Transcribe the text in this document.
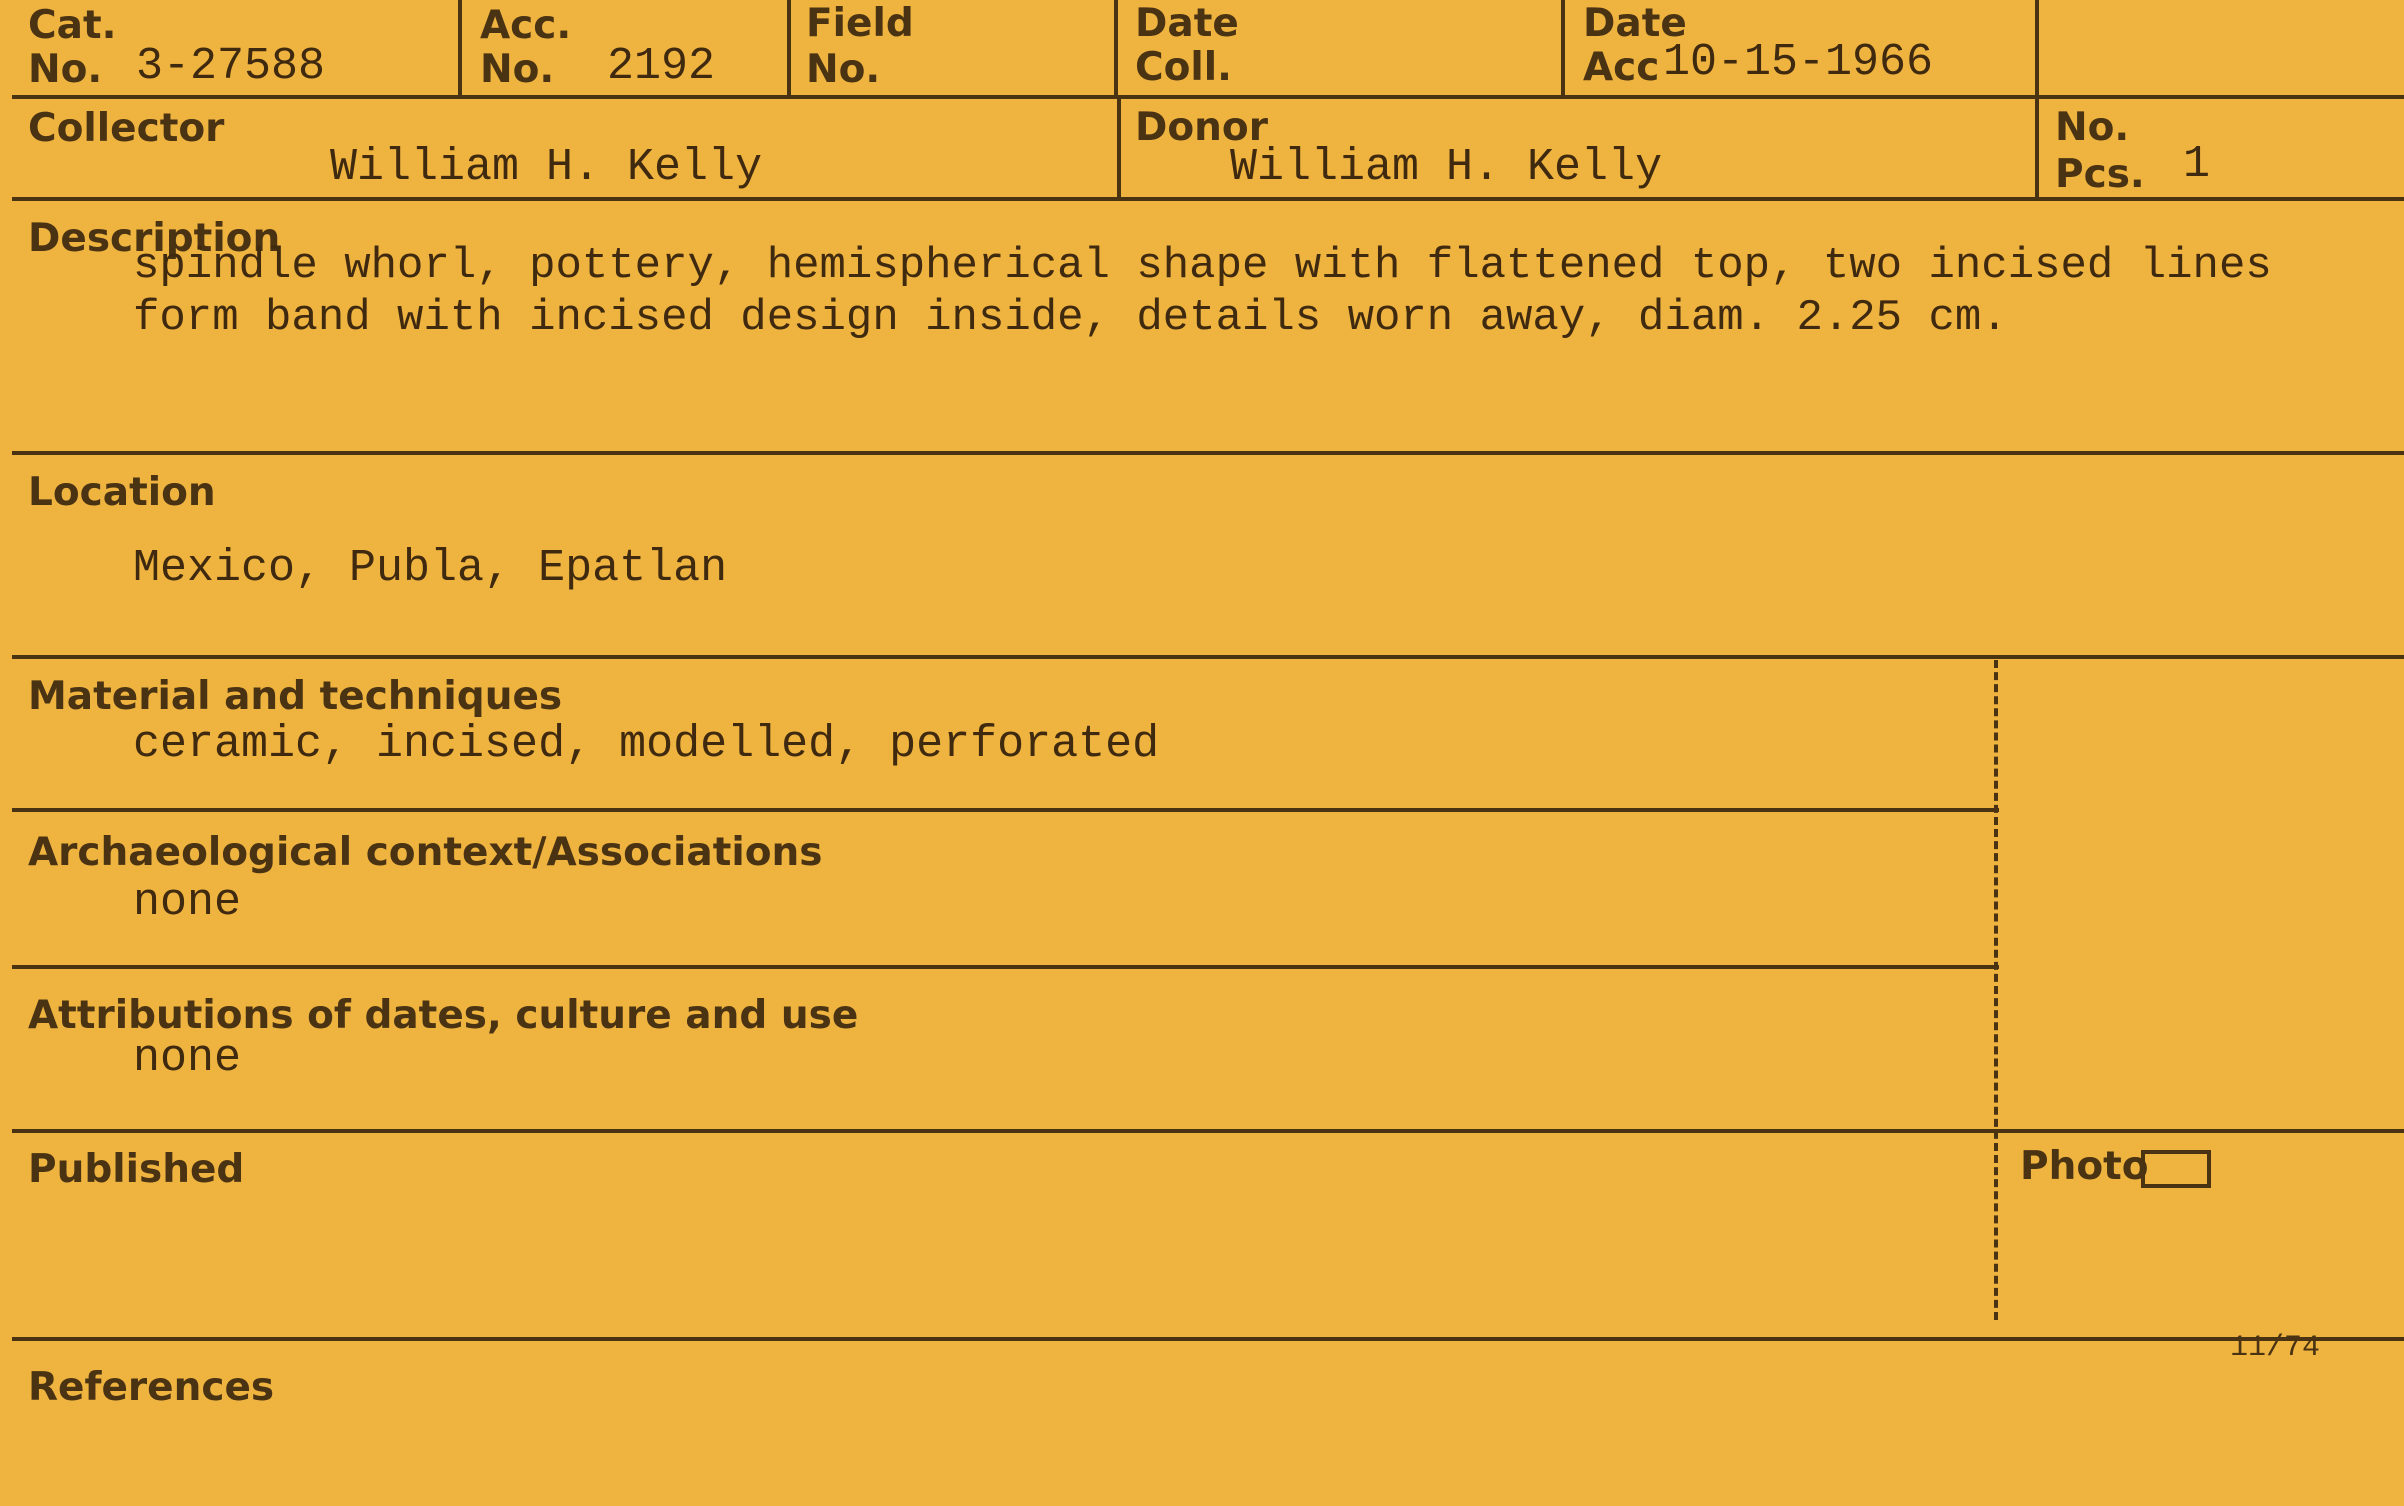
Cat.
No. 3-27588
Acc.
No. 2192
Field
No.
Date
Coll.
Date
Acc 10-15-1966
Collector
William H. Kelly
Donor
William H. Kelly
No.
Pcs. 1
Description
spindle whorl, pottery, hemispherical shape with flattened top, two incised lines
form band with incised design inside, details worn away, diam. 2.25 cm.
Location
Mexico, Publa, Epatlan
Material and techniques
ceramic, incised, modelled, perforated
Archaeological context/Associations
none
Attributions of dates, culture and use
none
Published	Photo
References
11/74
